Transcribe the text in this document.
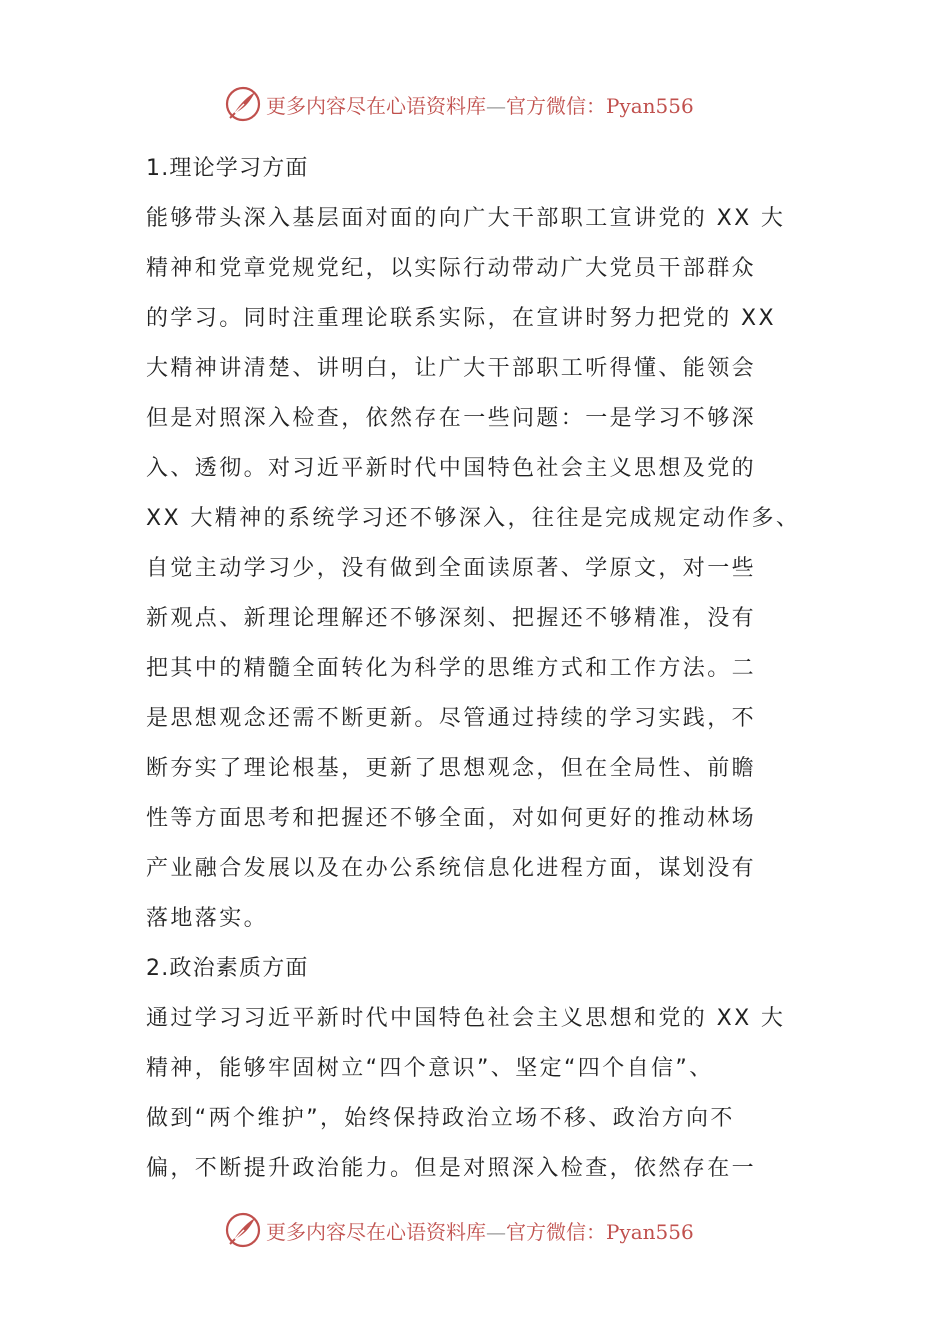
更多内容尽在心语资料库—官方微信：Pyan556

1.理论学习方面

能够带头深入基层面对面的向广大干部职工宣讲党的 XX 大

精神和党章党规党纪，以实际行动带动广大党员干部群众

的学习。同时注重理论联系实际，在宣讲时努力把党的 XX

大精神讲清楚、讲明白，让广大干部职工听得懂、能领会

但是对照深入检查，依然存在一些问题：一是学习不够深

入、透彻。对习近平新时代中国特色社会主义思想及党的

XX 大精神的系统学习还不够深入，往往是完成规定动作多、

自觉主动学习少，没有做到全面读原著、学原文，对一些

新观点、新理论理解还不够深刻、把握还不够精准，没有

把其中的精髓全面转化为科学的思维方式和工作方法。二

是思想观念还需不断更新。尽管通过持续的学习实践，不

断夯实了理论根基，更新了思想观念，但在全局性、前瞻

性等方面思考和把握还不够全面，对如何更好的推动林场

产业融合发展以及在办公系统信息化进程方面，谋划没有

落地落实。

2.政治素质方面

通过学习习近平新时代中国特色社会主义思想和党的 XX 大

精神，能够牢固树立“四个意识”、坚定“四个自信”、

做到“两个维护”，始终保持政治立场不移、政治方向不

偏，不断提升政治能力。但是对照深入检查，依然存在一

更多内容尽在心语资料库—官方微信：Pyan556
